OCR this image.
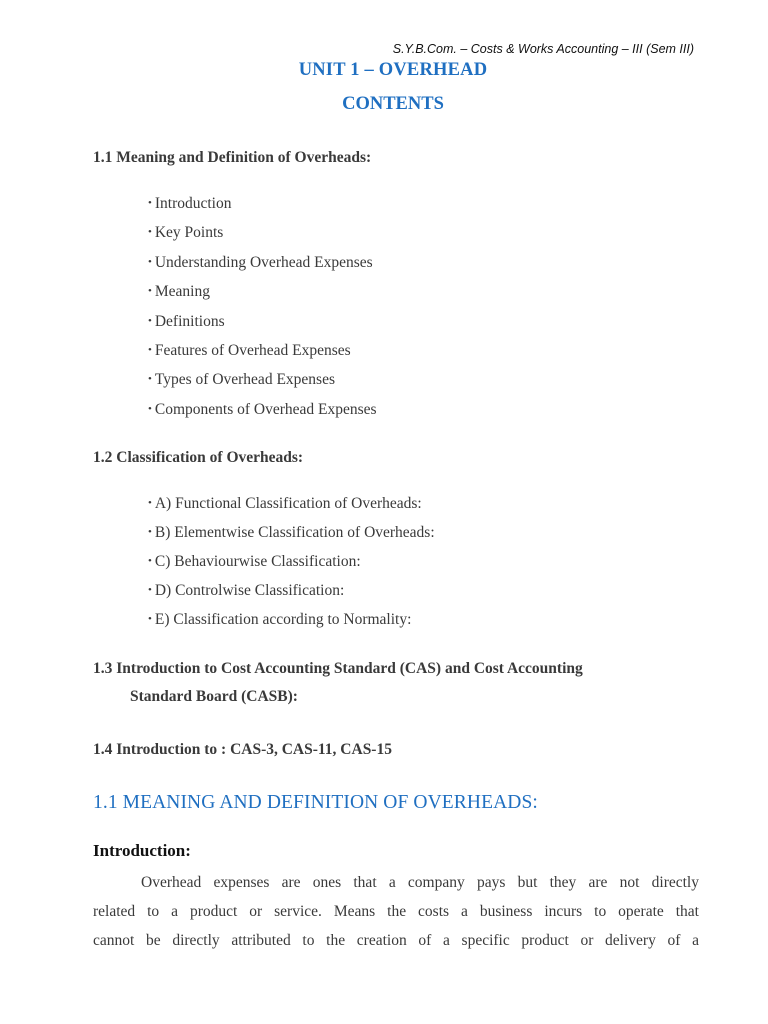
S.Y.B.Com. – Costs & Works Accounting – III (Sem III)
UNIT 1 – OVERHEAD
CONTENTS
1.1 Meaning and Definition of Overheads:
• Introduction
• Key Points
• Understanding Overhead Expenses
• Meaning
• Definitions
• Features of Overhead Expenses
• Types of Overhead Expenses
• Components of Overhead Expenses
1.2 Classification of Overheads:
• A) Functional Classification of Overheads:
• B) Elementwise Classification of Overheads:
• C) Behaviourwise Classification:
• D) Controlwise Classification:
• E) Classification according to Normality:
1.3 Introduction to Cost Accounting Standard (CAS) and Cost Accounting
Standard Board (CASB):
1.4 Introduction to : CAS-3, CAS-11, CAS-15
1.1 MEANING AND DEFINITION OF OVERHEADS:
Introduction:
Overhead expenses are ones that a company pays but they are not directly
related to a product or service. Means the costs a business incurs to operate that
cannot be directly attributed to the creation of a specific product or delivery of a
